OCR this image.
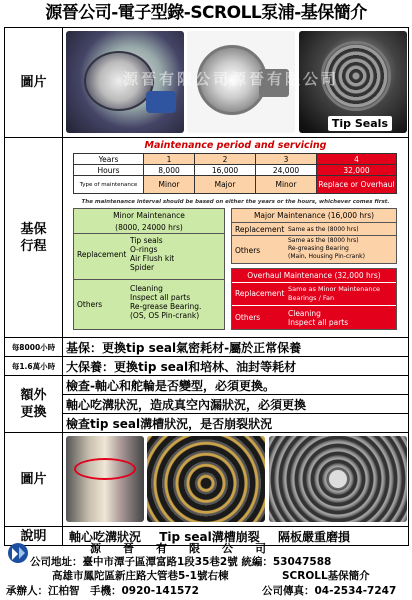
源晉公司-電子型錄-SCROLL泵浦-基保簡介
圖片	源晉有限公司源晉有限公司
Tip Seals

基保
行程	
Maintenance period and servicing
Years	1	2	3	4
Hours	8,000	16,000	24,000	32,000
Type of maintenance	Minor	Major	Minor	Replace or Overhaul
The maintenance interval should be based on either the years or the hours, whichever comes first.
Minor Maintenance
(8000, 24000 hrs)
Replacement
Tip seals
O-rings
Air Flush kit
Spider
Others
Cleaning
Inspect all parts
Re-grease Bearing.
(OS, OS Pin-crank)
Major Maintenance (16,000 hrs)
Replacement Same as the (8000 hrs)
Others
Same as the (8000 hrs)
Re-greasing Bearing
(Main, Housing Pin-crank)
Overhaul Maintenance (32,000 hrs)
Replacement Same as Minor Maintenance
Bearings / Fan
Others	Cleaning
Inspect all parts

每8000小時	基保：更換tip seal氣密耗材-屬於正常保養
每1.6萬小時	大保養：更換tip seal和培林、油封等耗材
額外
更換	檢查-軸心和舵輪是否變型，必須更換。
軸心吃溝狀況，造成真空內漏狀況，必須更換
檢查tip seal溝槽狀況，是否崩裂狀況
圖片	

說明	軸心吃溝狀況 Tip seal溝槽崩裂 隔板嚴重磨損
源　　晉　　有　　限　　公　　司
公司地址：臺中市潭子區潭富路1段35巷2號 統編：53047588
高雄市鳳陀區新庄路大管巷5-1號右棟	SCROLL基保簡介
承辦人：江柏智　手機：0920-141572	公司傳真：04-2534-7247
